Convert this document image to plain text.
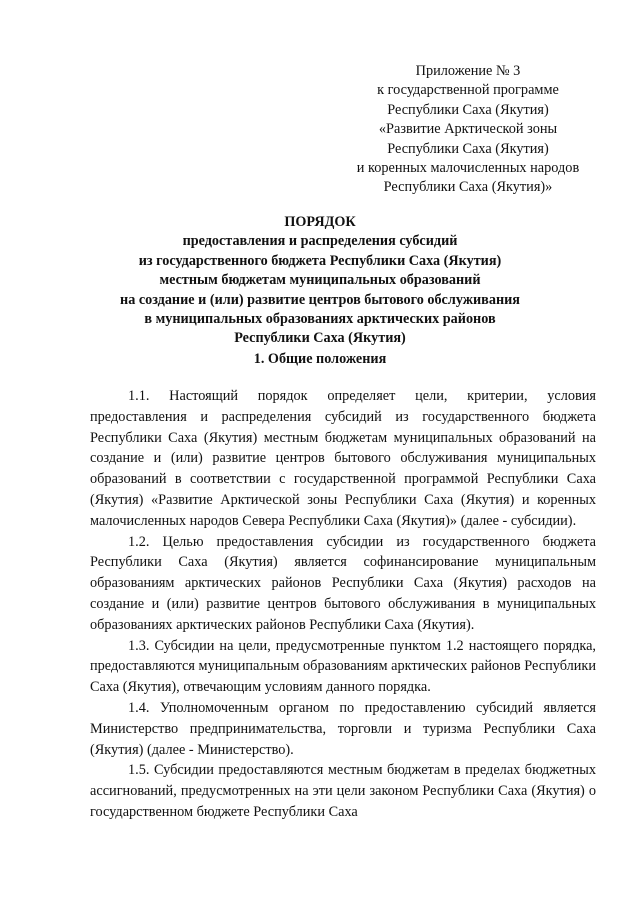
Приложение № 3
к государственной программе
Республики Саха (Якутия)
«Развитие Арктической зоны
Республики Саха (Якутия)
и коренных малочисленных народов
Республики Саха (Якутия)»
ПОРЯДОК
предоставления и распределения субсидий
из государственного бюджета Республики Саха (Якутия)
местным бюджетам муниципальных образований
на создание и (или) развитие центров бытового обслуживания
в муниципальных образованиях арктических районов
Республики Саха (Якутия)
1. Общие положения

1.1. Настоящий порядок определяет цели, критерии, условия предоставления и распределения субсидий из государственного бюджета Республики Саха (Якутия) местным бюджетам муниципальных образований на создание и (или) развитие центров бытового обслуживания муниципальных образований в соответствии с государственной программой Республики Саха (Якутия) «Развитие Арктической зоны Республики Саха (Якутия) и коренных малочисленных народов Севера Республики Саха (Якутия)» (далее - субсидии).

1.2. Целью предоставления субсидии из государственного бюджета Республики Саха (Якутия) является софинансирование муниципальным образованиям арктических районов Республики Саха (Якутия) расходов на создание и (или) развитие центров бытового обслуживания в муниципальных образованиях арктических районов Республики Саха (Якутия).

1.3. Субсидии на цели, предусмотренные пунктом 1.2 настоящего порядка, предоставляются муниципальным образованиям арктических районов Республики Саха (Якутия), отвечающим условиям данного порядка.

1.4. Уполномоченным органом по предоставлению субсидий является Министерство предпринимательства, торговли и туризма Республики Саха (Якутия) (далее - Министерство).

1.5. Субсидии предоставляются местным бюджетам в пределах бюджетных ассигнований, предусмотренных на эти цели законом Республики Саха (Якутия) о государственном бюджете Республики Саха
